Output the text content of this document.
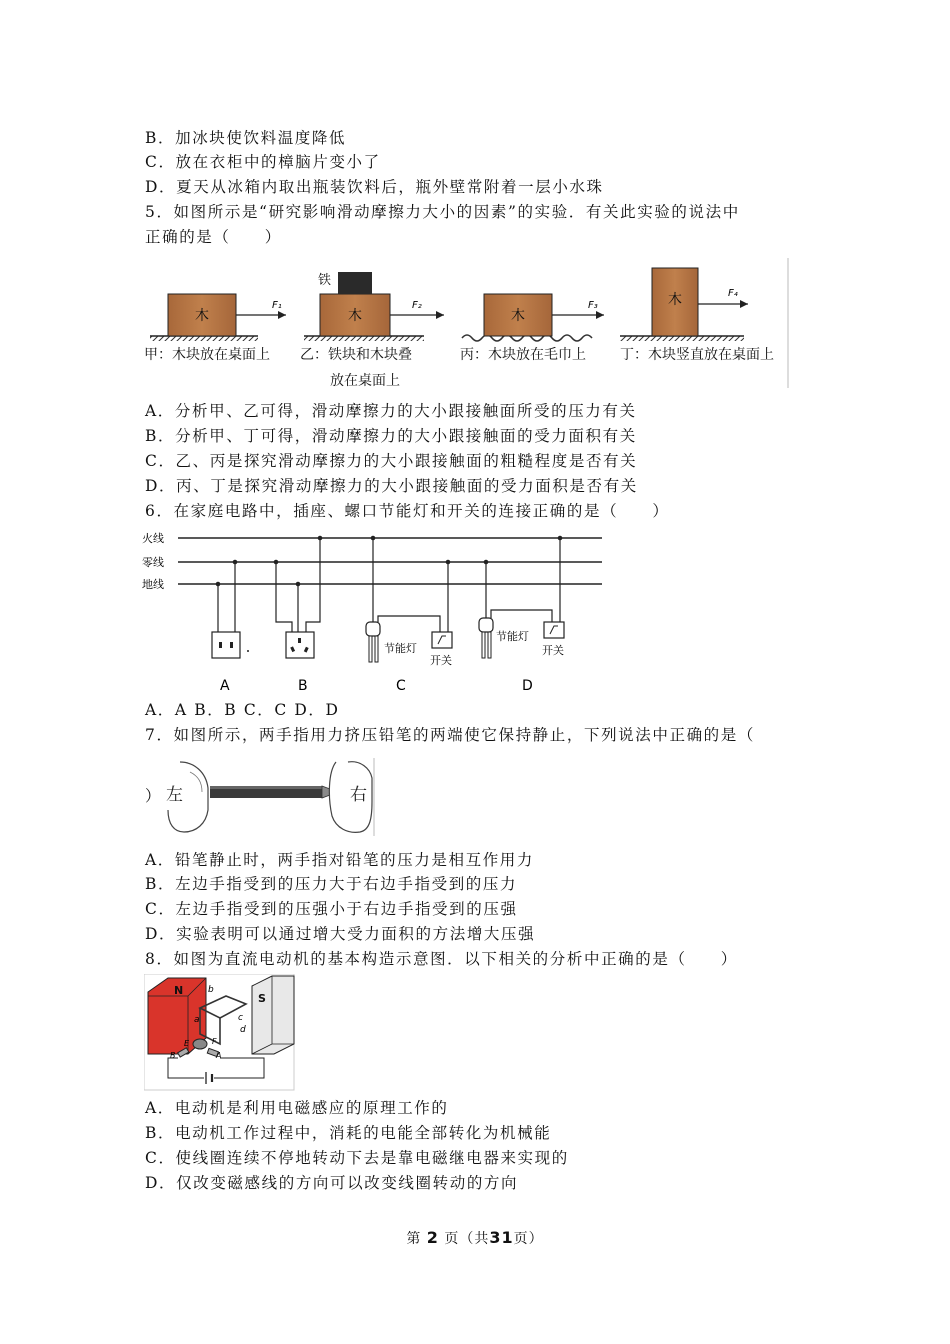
B．加冰块使饮料温度降低
C．放在衣柜中的樟脑片变小了
D．夏天从冰箱内取出瓶装饮料后，瓶外壁常附着一层小水珠
5．如图所示是“研究影响滑动摩擦力大小的因素”的实验．有关此实验的说法中
正确的是（　　）
木
F₁
甲：木块放在桌面上
铁
木
F₂
乙：铁块和木块叠
放在桌面上
木
F₃
丙：木块放在毛巾上
木	F₄
丁：木块竖直放在桌面上
A．分析甲、乙可得，滑动摩擦力的大小跟接触面所受的压力有关
B．分析甲、丁可得，滑动摩擦力的大小跟接触面的受力面积有关
C．乙、丙是探究滑动摩擦力的大小跟接触面的粗糙程度是否有关
D．丙、丁是探究滑动摩擦力的大小跟接触面的受力面积是否有关
6．在家庭电路中，插座、螺口节能灯和开关的连接正确的是（　　）
火线
零线
地线
A	B
节能灯
开关
C
节能灯
开关
D
A．A B．B C．C D．D
7．如图所示，两手指用力挤压铅笔的两端使它保持静止，下列说法中正确的是（
左	右
）
A．铅笔静止时，两手指对铅笔的压力是相互作用力
B．左边手指受到的压力大于右边手指受到的压力
C．左边手指受到的压强小于右边手指受到的压强
D．实验表明可以通过增大受力面积的方法增大压强
8．如图为直流电动机的基本构造示意图．以下相关的分析中正确的是（　　）
N
S
b
a	c
d
E	F
B	A
A．电动机是利用电磁感应的原理工作的
B．电动机工作过程中，消耗的电能全部转化为机械能
C．使线圈连续不停地转动下去是靠电磁继电器来实现的
D．仅改变磁感线的方向可以改变线圈转动的方向
第 2 页（共31页）
